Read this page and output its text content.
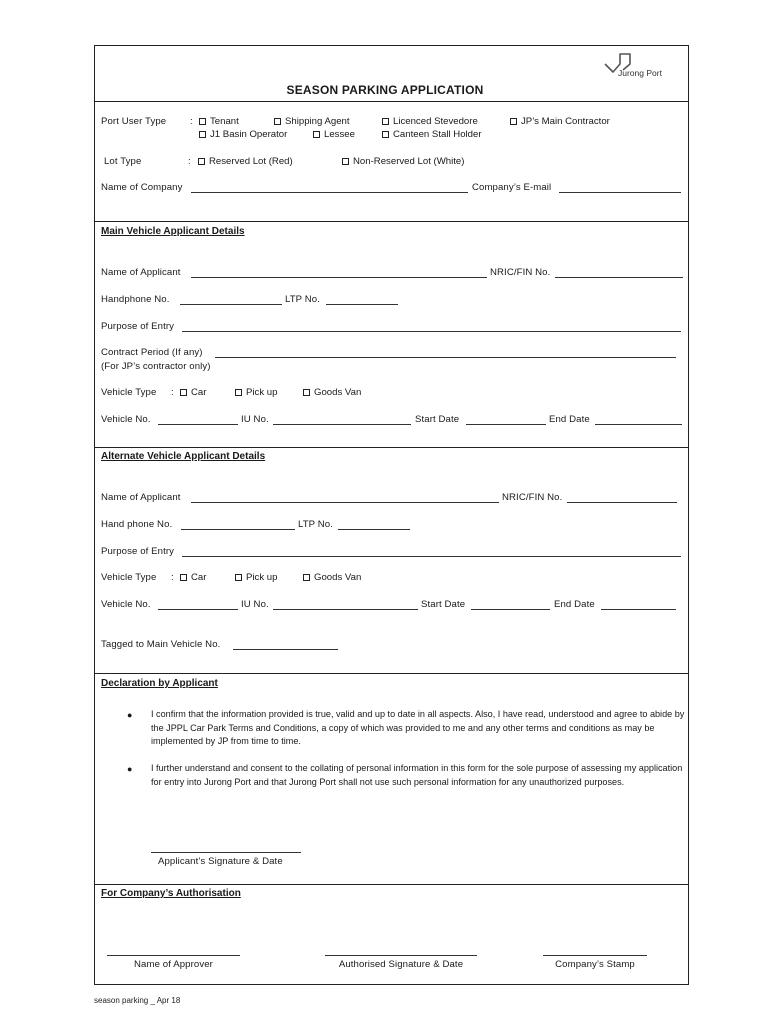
Jurong Port
SEASON PARKING APPLICATION
Port User Type :	Tenant	Shipping Agent	Licenced Stevedore	JP’s Main Contractor
J1 Basin Operator	Lessee	Canteen Stall Holder
Lot Type	:	Reserved Lot (Red)	Non-Reserved Lot (White)
Name of Company	Company’s E-mail
Main Vehicle Applicant Details
Name of Applicant	NRIC/FIN No.
Handphone No.	LTP No.
Purpose of Entry
Contract Period (If any)
(For JP’s contractor only)
Vehicle Type :	Car	Pick up	Goods Van
Vehicle No.	IU No.	Start Date	End Date
Alternate Vehicle Applicant Details
Name of Applicant	NRIC/FIN No.
Hand phone No.	LTP No.
Purpose of Entry
Vehicle Type :	Car	Pick up	Goods Van
Vehicle No.	IU No.	Start Date	End Date
Tagged to Main Vehicle No.
Declaration by Applicant
● I confirm that the information provided is true, valid and up to date in all aspects. Also, I have read, understood and agree to abide by the JPPL Car Park Terms and Conditions, a copy of which was provided to me and any other terms and conditions as may be implemented by JP from time to time.
● I further understand and consent to the collating of personal information in this form for the sole purpose of assessing my application for entry into Jurong Port and that Jurong Port shall not use such personal information for any unauthorized purposes.
Applicant’s Signature & Date
For Company’s Authorisation
Name of Approver	Authorised Signature & Date	Company’s Stamp
season parking _ Apr 18
